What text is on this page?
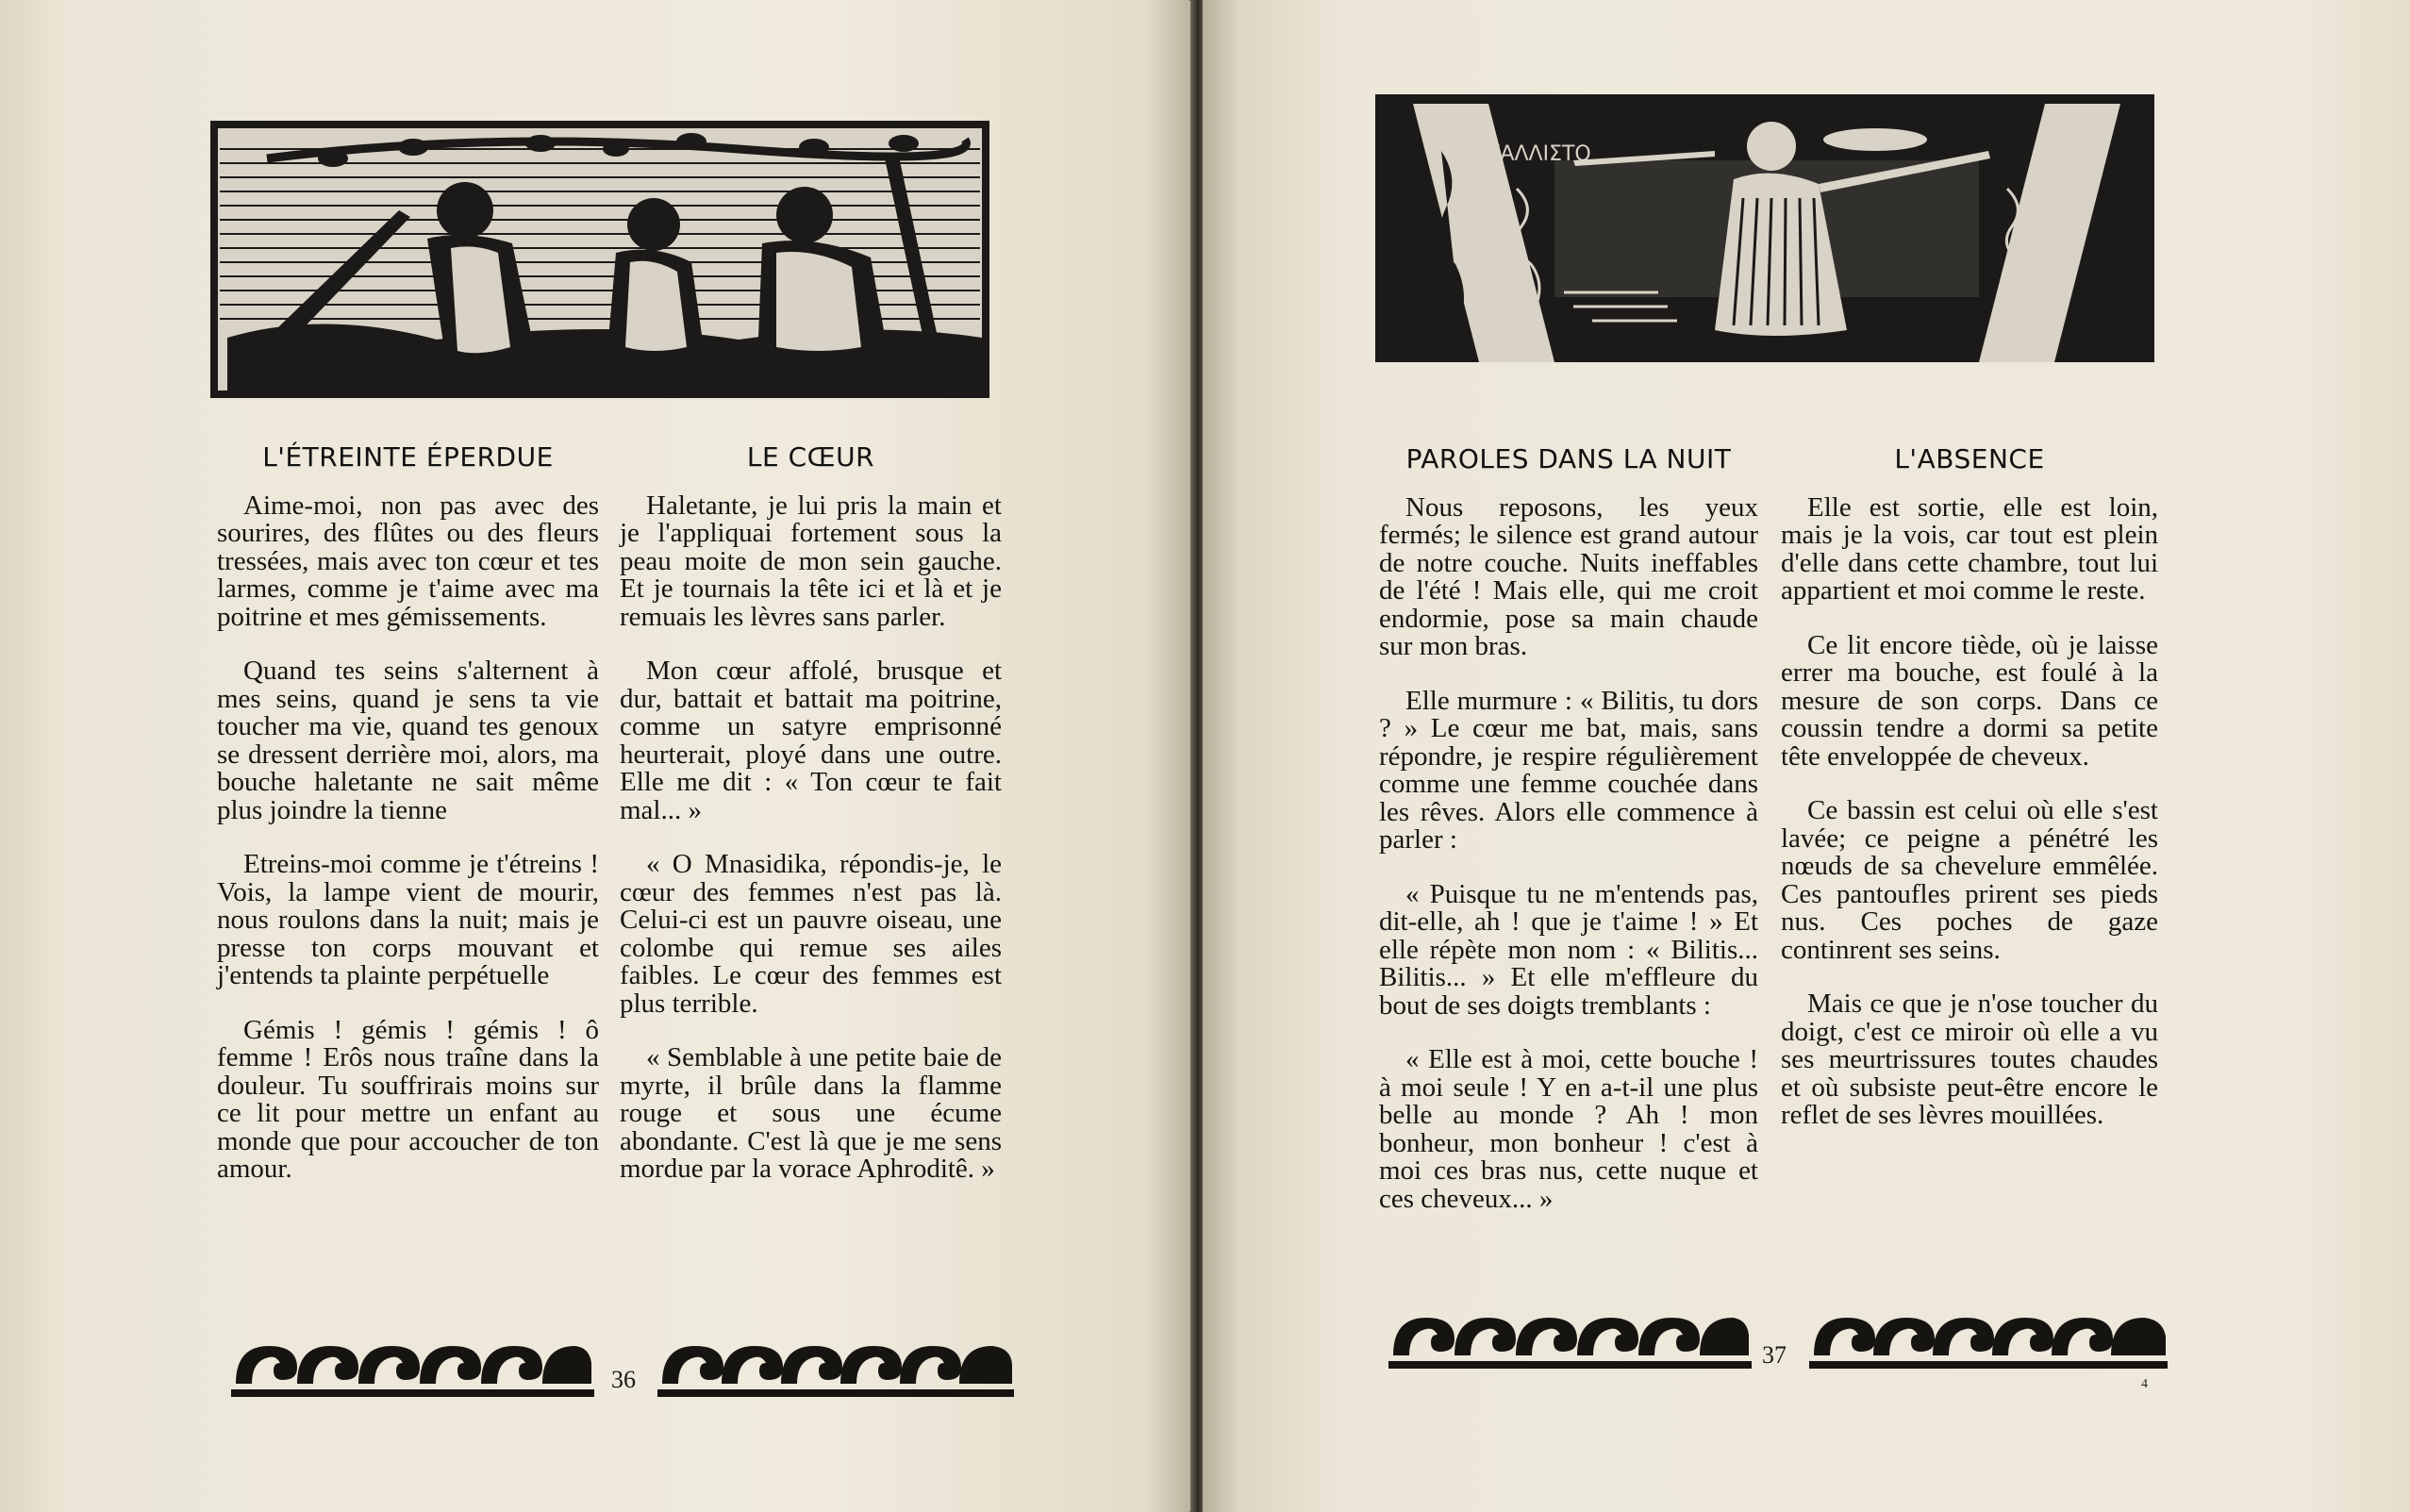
L'ÉTREINTE ÉPERDUE

Aime-moi, non pas avec des sourires, des flûtes ou des fleurs tressées, mais avec ton cœur et tes larmes, comme je t'aime avec ma poitrine et mes gémissements.

Quand tes seins s'alternent à mes seins, quand je sens ta vie toucher ma vie, quand tes genoux se dressent derrière moi, alors, ma bouche haletante ne sait même plus joindre la tienne

Etreins-moi comme je t'étreins ! Vois, la lampe vient de mourir, nous roulons dans la nuit; mais je presse ton corps mouvant et j'entends ta plainte perpétuelle

Gémis ! gémis ! gémis ! ô femme ! Erôs nous traîne dans la douleur. Tu souffrirais moins sur ce lit pour mettre un enfant au monde que pour accoucher de ton amour.

LE CŒUR

Haletante, je lui pris la main et je l'appliquai fortement sous la peau moite de mon sein gauche. Et je tournais la tête ici et là et je remuais les lèvres sans parler.

Mon cœur affolé, brusque et dur, battait et battait ma poitrine, comme un satyre emprisonné heurterait, ployé dans une outre. Elle me dit : « Ton cœur te fait mal... »

« O Mnasidika, répondis-je, le cœur des femmes n'est pas là. Celui-ci est un pauvre oiseau, une colombe qui remue ses ailes faibles. Le cœur des femmes est plus terrible.

« Semblable à une petite baie de myrte, il brûle dans la flamme rouge et sous une écume abondante. C'est là que je me sens mordue par la vorace Aphroditê. »

36
ΚΑΛΛΙΣΤΟ
PAROLES DANS LA NUIT

Nous reposons, les yeux fermés; le silence est grand autour de notre couche. Nuits ineffables de l'été ! Mais elle, qui me croit endormie, pose sa main chaude sur mon bras.

Elle murmure : « Bilitis, tu dors ? » Le cœur me bat, mais, sans répondre, je respire régulièrement comme une femme couchée dans les rêves. Alors elle commence à parler :

« Puisque tu ne m'entends pas, dit-elle, ah ! que je t'aime ! » Et elle répète mon nom : « Bilitis... Bilitis... » Et elle m'effleure du bout de ses doigts tremblants :

« Elle est à moi, cette bouche ! à moi seule ! Y en a-t-il une plus belle au monde ? Ah ! mon bonheur, mon bonheur ! c'est à moi ces bras nus, cette nuque et ces cheveux... »

L'ABSENCE

Elle est sortie, elle est loin, mais je la vois, car tout est plein d'elle dans cette chambre, tout lui appartient et moi comme le reste.

Ce lit encore tiède, où je laisse errer ma bouche, est foulé à la mesure de son corps. Dans ce coussin tendre a dormi sa petite tête enveloppée de cheveux.

Ce bassin est celui où elle s'est lavée; ce peigne a pénétré les nœuds de sa chevelure emmêlée. Ces pantoufles prirent ses pieds nus. Ces poches de gaze continrent ses seins.

Mais ce que je n'ose toucher du doigt, c'est ce miroir où elle a vu ses meurtrissures toutes chaudes et où subsiste peut-être encore le reflet de ses lèvres mouillées.

37
4
